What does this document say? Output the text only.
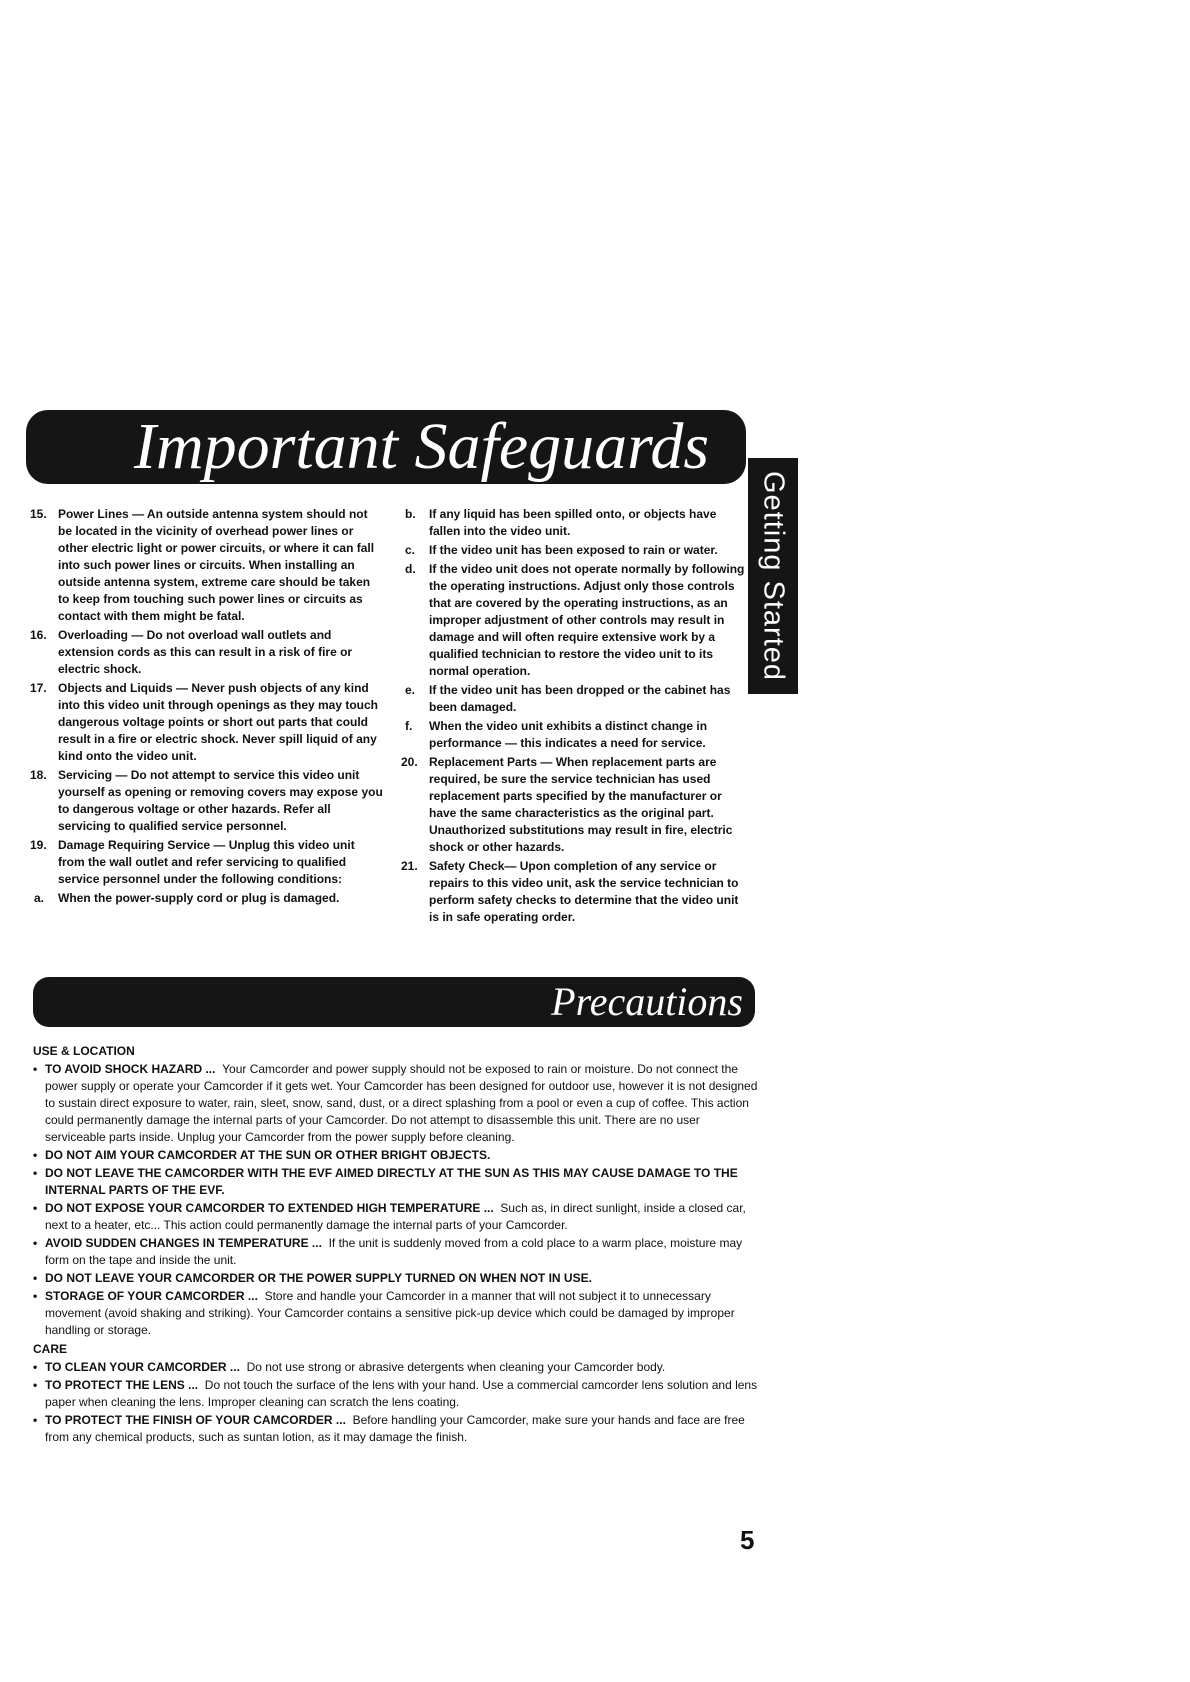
Important Safeguards
Getting Started
15. Power Lines — An outside antenna system should not be located in the vicinity of overhead power lines or other electric light or power circuits, or where it can fall into such power lines or circuits. When installing an outside antenna system, extreme care should be taken to keep from touching such power lines or circuits as contact with them might be fatal.
16. Overloading — Do not overload wall outlets and extension cords as this can result in a risk of fire or electric shock.
17. Objects and Liquids — Never push objects of any kind into this video unit through openings as they may touch dangerous voltage points or short out parts that could result in a fire or electric shock. Never spill liquid of any kind onto the video unit.
18. Servicing — Do not attempt to service this video unit yourself as opening or removing covers may expose you to dangerous voltage or other hazards. Refer all servicing to qualified service personnel.
19. Damage Requiring Service — Unplug this video unit from the wall outlet and refer servicing to qualified service personnel under the following conditions:
a.	When the power-supply cord or plug is damaged.
b.	If any liquid has been spilled onto, or objects have fallen into the video unit.
c.	If the video unit has been exposed to rain or water.
d.	If the video unit does not operate normally by following the operating instructions. Adjust only those controls that are covered by the operating instructions, as an improper adjustment of other controls may result in damage and will often require extensive work by a qualified technician to restore the video unit to its normal operation.
e.	If the video unit has been dropped or the cabinet has been damaged.
f.	When the video unit exhibits a distinct change in performance — this indicates a need for service.
20. Replacement Parts — When replacement parts are required, be sure the service technician has used replacement parts specified by the manufacturer or have the same characteristics as the original part. Unauthorized substitutions may result in fire, electric shock or other hazards.
21. Safety Check— Upon completion of any service or repairs to this video unit, ask the service technician to perform safety checks to determine that the video unit is in safe operating order.
Precautions
USE & LOCATION
• TO AVOID SHOCK HAZARD ... Your Camcorder and power supply should not be exposed to rain or moisture. Do not connect the power supply or operate your Camcorder if it gets wet. Your Camcorder has been designed for outdoor use, however it is not designed to sustain direct exposure to water, rain, sleet, snow, sand, dust, or a direct splashing from a pool or even a cup of coffee. This action could permanently damage the internal parts of your Camcorder. Do not attempt to disassemble this unit. There are no user serviceable parts inside. Unplug your Camcorder from the power supply before cleaning.
• DO NOT AIM YOUR CAMCORDER AT THE SUN OR OTHER BRIGHT OBJECTS.
• DO NOT LEAVE THE CAMCORDER WITH THE EVF AIMED DIRECTLY AT THE SUN AS THIS MAY CAUSE DAMAGE TO THE INTERNAL PARTS OF THE EVF.
• DO NOT EXPOSE YOUR CAMCORDER TO EXTENDED HIGH TEMPERATURE ... Such as, in direct sunlight, inside a closed car, next to a heater, etc... This action could permanently damage the internal parts of your Camcorder.
• AVOID SUDDEN CHANGES IN TEMPERATURE ... If the unit is suddenly moved from a cold place to a warm place, moisture may form on the tape and inside the unit.
• DO NOT LEAVE YOUR CAMCORDER OR THE POWER SUPPLY TURNED ON WHEN NOT IN USE.
• STORAGE OF YOUR CAMCORDER ... Store and handle your Camcorder in a manner that will not subject it to unnecessary movement (avoid shaking and striking). Your Camcorder contains a sensitive pick-up device which could be damaged by improper handling or storage.
CARE
• TO CLEAN YOUR CAMCORDER ... Do not use strong or abrasive detergents when cleaning your Camcorder body.
• TO PROTECT THE LENS ... Do not touch the surface of the lens with your hand. Use a commercial camcorder lens solution and lens paper when cleaning the lens. Improper cleaning can scratch the lens coating.
• TO PROTECT THE FINISH OF YOUR CAMCORDER ... Before handling your Camcorder, make sure your hands and face are free from any chemical products, such as suntan lotion, as it may damage the finish.
5
